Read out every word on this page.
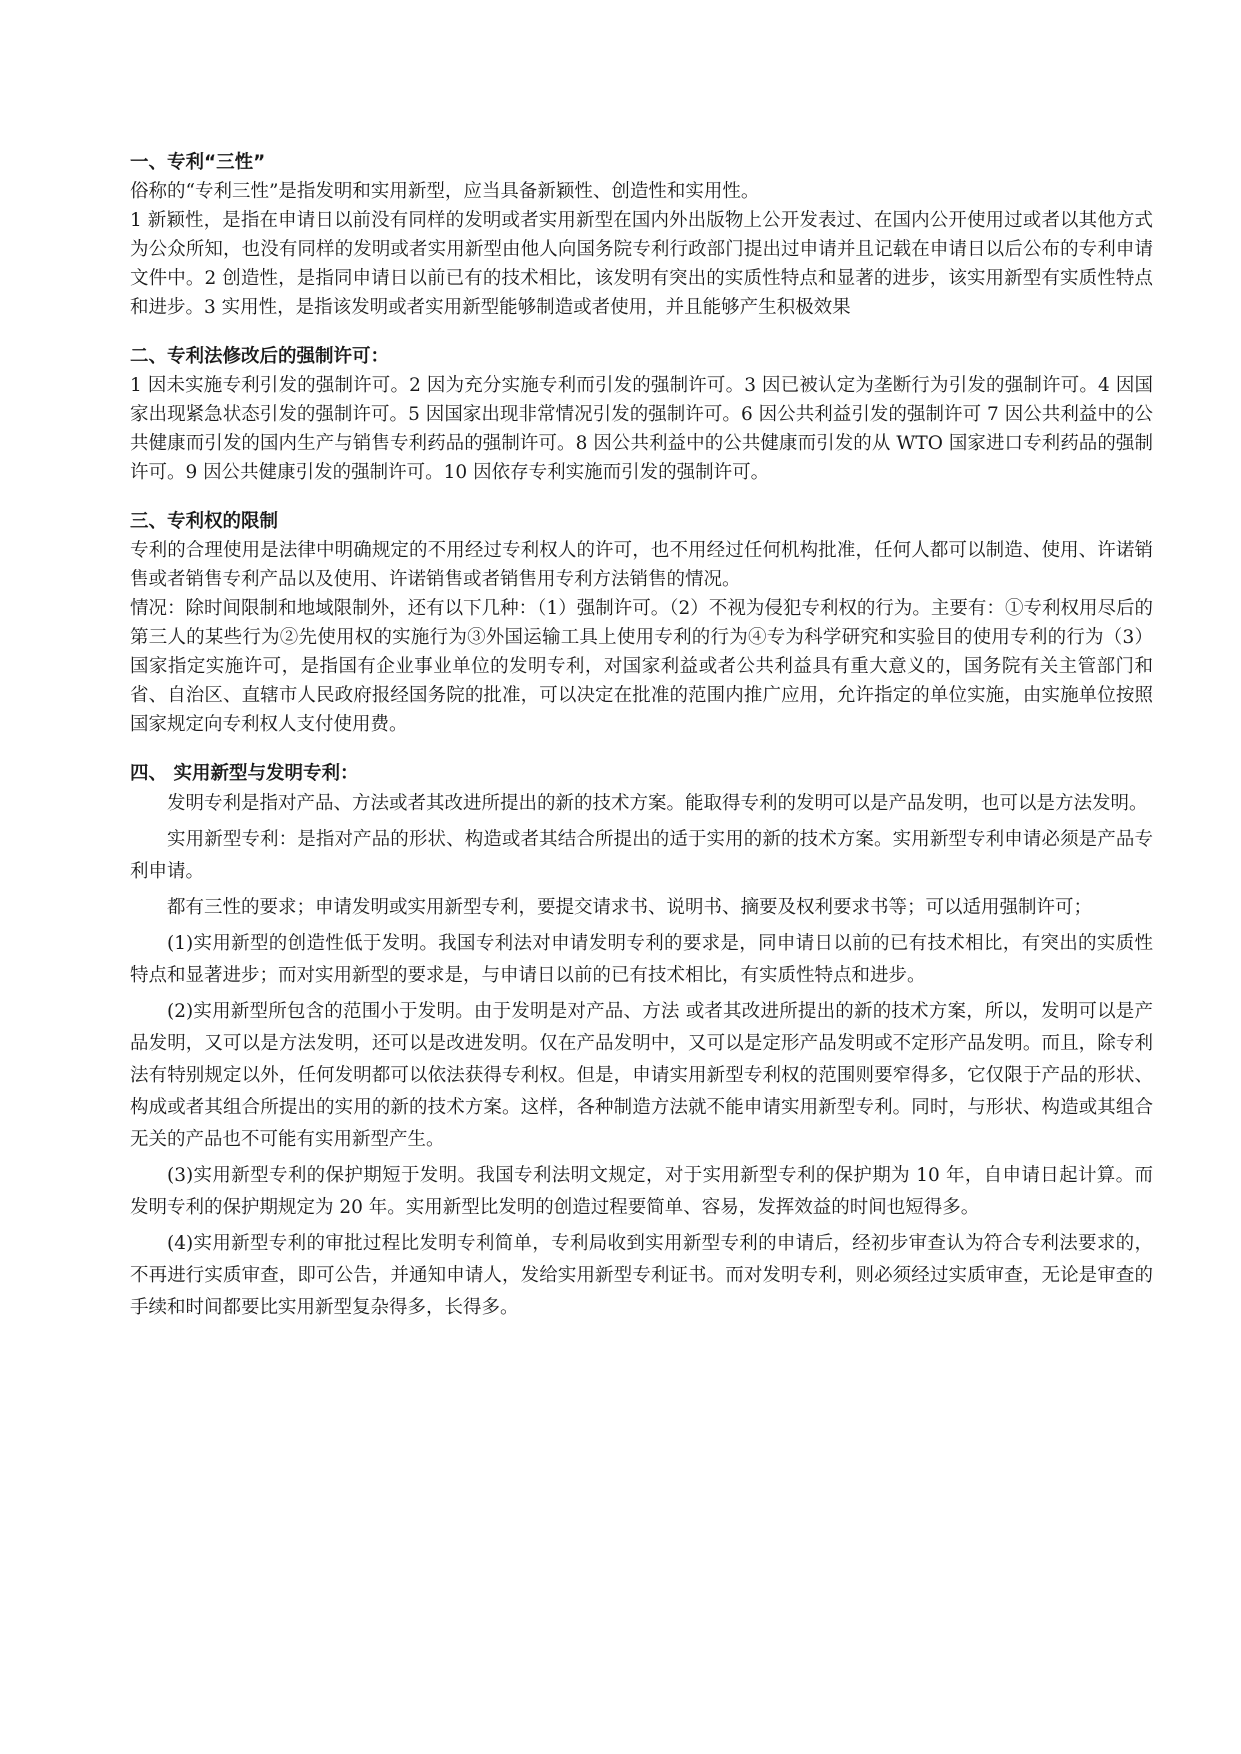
一、专利“三性”

俗称的“专利三性”是指发明和实用新型，应当具备新颖性、创造性和实用性。

1 新颖性，是指在申请日以前没有同样的发明或者实用新型在国内外出版物上公开发表过、在国内公开使用过或者以其他方式为公众所知，也没有同样的发明或者实用新型由他人向国务院专利行政部门提出过申请并且记载在申请日以后公布的专利申请文件中。2 创造性，是指同申请日以前已有的技术相比，该发明有突出的实质性特点和显著的进步，该实用新型有实质性特点和进步。3 实用性，是指该发明或者实用新型能够制造或者使用，并且能够产生积极效果

二、专利法修改后的强制许可：

1 因未实施专利引发的强制许可。2 因为充分实施专利而引发的强制许可。3 因已被认定为垄断行为引发的强制许可。4 因国家出现紧急状态引发的强制许可。5 因国家出现非常情况引发的强制许可。6 因公共利益引发的强制许可 7 因公共利益中的公共健康而引发的国内生产与销售专利药品的强制许可。8 因公共利益中的公共健康而引发的从 WTO 国家进口专利药品的强制许可。9 因公共健康引发的强制许可。10 因依存专利实施而引发的强制许可。

三、专利权的限制

专利的合理使用是法律中明确规定的不用经过专利权人的许可，也不用经过任何机构批准，任何人都可以制造、使用、许诺销售或者销售专利产品以及使用、许诺销售或者销售用专利方法销售的情况。

情况：除时间限制和地域限制外，还有以下几种：（1）强制许可。（2）不视为侵犯专利权的行为。主要有：①专利权用尽后的第三人的某些行为②先使用权的实施行为③外国运输工具上使用专利的行为④专为科学研究和实验目的使用专利的行为（3）国家指定实施许可，是指国有企业事业单位的发明专利，对国家利益或者公共利益具有重大意义的，国务院有关主管部门和省、自治区、直辖市人民政府报经国务院的批准，可以决定在批准的范围内推广应用，允许指定的单位实施，由实施单位按照国家规定向专利权人支付使用费。

四、 实用新型与发明专利：

发明专利是指对产品、方法或者其改进所提出的新的技术方案。能取得专利的发明可以是产品发明，也可以是方法发明。

实用新型专利：是指对产品的形状、构造或者其结合所提出的适于实用的新的技术方案。实用新型专利申请必须是产品专利申请。

都有三性的要求；申请发明或实用新型专利，要提交请求书、说明书、摘要及权利要求书等；可以适用强制许可；

(1)实用新型的创造性低于发明。我国专利法对申请发明专利的要求是，同申请日以前的已有技术相比，有突出的实质性特点和显著进步；而对实用新型的要求是，与申请日以前的已有技术相比，有实质性特点和进步。

(2)实用新型所包含的范围小于发明。由于发明是对产品、方法 或者其改进所提出的新的技术方案，所以，发明可以是产品发明，又可以是方法发明，还可以是改进发明。仅在产品发明中，又可以是定形产品发明或不定形产品发明。而且，除专利法有特别规定以外，任何发明都可以依法获得专利权。但是，申请实用新型专利权的范围则要窄得多，它仅限于产品的形状、构成或者其组合所提出的实用的新的技术方案。这样，各种制造方法就不能申请实用新型专利。同时，与形状、构造或其组合无关的产品也不可能有实用新型产生。

(3)实用新型专利的保护期短于发明。我国专利法明文规定，对于实用新型专利的保护期为 10 年，自申请日起计算。而发明专利的保护期规定为 20 年。实用新型比发明的创造过程要简单、容易，发挥效益的时间也短得多。

(4)实用新型专利的审批过程比发明专利简单，专利局收到实用新型专利的申请后，经初步审查认为符合专利法要求的，不再进行实质审查，即可公告，并通知申请人，发给实用新型专利证书。而对发明专利，则必须经过实质审查，无论是审查的手续和时间都要比实用新型复杂得多，长得多。
